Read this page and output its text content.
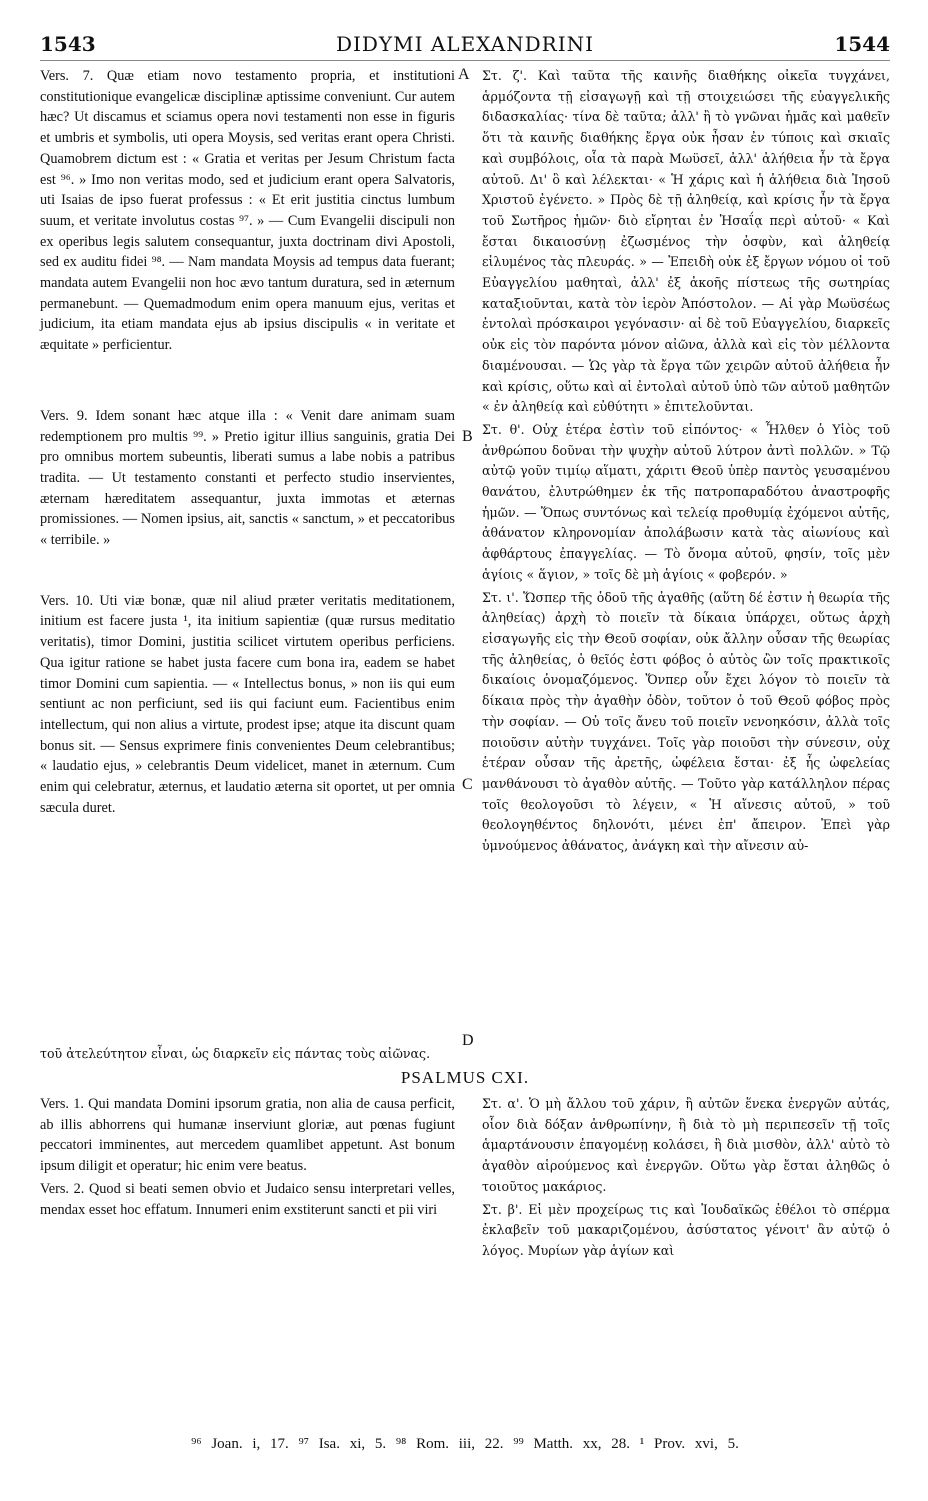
1543	DIDYMI ALEXANDRINI	1544
A
B
C
D

Vers. 7. Quæ etiam novo testamento propria, et institutioni constitutionique evangelicæ disciplinæ aptissime conveniunt. Cur autem hæc? Ut discamus et sciamus opera novi testamenti non esse in figuris et umbris et symbolis, uti opera Moysis, sed veritas erant opera Christi. Quamobrem dictum est : « Gratia et veritas per Jesum Christum facta est ⁹⁶. » Imo non veritas modo, sed et judicium erant opera Salvatoris, uti Isaias de ipso fuerat professus : « Et erit justitia cinctus lumbum suum, et veritate involutus costas ⁹⁷. » — Cum Evangelii discipuli non ex operibus legis salutem consequantur, juxta doctrinam divi Apostoli, sed ex auditu fidei ⁹⁸. — Nam mandata Moysis ad tempus data fuerant; mandata autem Evangelii non hoc ævo tantum duratura, sed in æternum permanebunt. — Quemadmodum enim opera manuum ejus, veritas et judicium, ita etiam mandata ejus ab ipsius discipulis « in veritate et æquitate » perficientur.

Vers. 9. Idem sonant hæc atque illa : « Venit dare animam suam redemptionem pro multis ⁹⁹. » Pretio igitur illius sanguinis, gratia Dei pro omnibus mortem subeuntis, liberati sumus a labe nobis a patribus tradita. — Ut testamento constanti et perfecto studio inservientes, æternam hæreditatem assequantur, juxta immotas et æternas promissiones. — Nomen ipsius, ait, sanctis « sanctum, » et peccatoribus « terribile. »

Vers. 10. Uti viæ bonæ, quæ nil aliud præter veritatis meditationem, initium est facere justa ¹, ita initium sapientiæ (quæ rursus meditatio veritatis), timor Domini, justitia scilicet virtutem operibus perficiens. Qua igitur ratione se habet justa facere cum bona ira, eadem se habet timor Domini cum sapientia. — « Intellectus bonus, » non iis qui eum sentiunt ac non perficiunt, sed iis qui faciunt eum. Facientibus enim intellectum, qui non alius a virtute, prodest ipse; atque ita discunt quam bonus sit. — Sensus exprimere finis convenientes Deum celebrantibus; « laudatio ejus, » celebrantis Deum videlicet, manet in æternum. Cum enim qui celebratur, æternus, et laudatio æterna sit oportet, ut per omnia sæcula duret.

Στ. ζ'. Καὶ ταῦτα τῆς καινῆς διαθήκης οἰκεῖα τυγχάνει, ἁρμόζοντα τῇ εἰσαγωγῇ καὶ τῇ στοιχειώσει τῆς εὐαγγελικῆς διδασκαλίας· τίνα δὲ ταῦτα; ἀλλ' ἢ τὸ γνῶναι ἡμᾶς καὶ μαθεῖν ὅτι τὰ καινῆς διαθήκης ἔργα οὐκ ἦσαν ἐν τύποις καὶ σκιαῖς καὶ συμβόλοις, οἷα τὰ παρὰ Μωϋσεῖ, ἀλλ' ἀλήθεια ἦν τὰ ἔργα αὐτοῦ. Δι' ὃ καὶ λέλεκται· « Ἡ χάρις καὶ ἡ ἀλήθεια διὰ Ἰησοῦ Χριστοῦ ἐγένετο. » Πρὸς δὲ τῇ ἀληθείᾳ, καὶ κρίσις ἦν τὰ ἔργα τοῦ Σωτῆρος ἡμῶν· διὸ εἴρηται ἐν Ἡσαΐᾳ περὶ αὐτοῦ· « Καὶ ἔσται δικαιοσύνῃ ἐζωσμένος τὴν ὀσφὺν, καὶ ἀληθείᾳ εἰλυμένος τὰς πλευράς. » — Ἐπειδὴ οὐκ ἐξ ἔργων νόμου οἱ τοῦ Εὐαγγελίου μαθηταὶ, ἀλλ' ἐξ ἀκοῆς πίστεως τῆς σωτηρίας καταξιοῦνται, κατὰ τὸν ἱερὸν Ἀπόστολον. — Αἱ γὰρ Μωϋσέως ἐντολαὶ πρόσκαιροι γεγόνασιν· αἱ δὲ τοῦ Εὐαγγελίου, διαρκεῖς οὐκ εἰς τὸν παρόντα μόνον αἰῶνα, ἀλλὰ καὶ εἰς τὸν μέλλοντα διαμένουσαι. — Ὡς γὰρ τὰ ἔργα τῶν χειρῶν αὐτοῦ ἀλήθεια ἦν καὶ κρίσις, οὕτω καὶ αἱ ἐντολαὶ αὐτοῦ ὑπὸ τῶν αὐτοῦ μαθητῶν « ἐν ἀληθείᾳ καὶ εὐθύτητι » ἐπιτελοῦνται.

Στ. θ'. Οὐχ ἑτέρα ἐστὶν τοῦ εἰπόντος· « Ἦλθεν ὁ Υἱὸς τοῦ ἀνθρώπου δοῦναι τὴν ψυχὴν αὐτοῦ λύτρον ἀντὶ πολλῶν. » Τῷ αὐτῷ γοῦν τιμίῳ αἵματι, χάριτι Θεοῦ ὑπὲρ παντὸς γευσαμένου θανάτου, ἐλυτρώθημεν ἐκ τῆς πατροπαραδότου ἀναστροφῆς ἡμῶν. — Ὅπως συντόνως καὶ τελείᾳ προθυμίᾳ ἐχόμενοι αὐτῆς, ἀθάνατον κληρονομίαν ἀπολάβωσιν κατὰ τὰς αἰωνίους καὶ ἀφθάρτους ἐπαγγελίας. — Τὸ ὄνομα αὐτοῦ, φησίν, τοῖς μὲν ἁγίοις « ἅγιον, » τοῖς δὲ μὴ ἁγίοις « φοβερόν. »

Στ. ι'. Ὥσπερ τῆς ὁδοῦ τῆς ἀγαθῆς (αὕτη δέ ἐστιν ἡ θεωρία τῆς ἀληθείας) ἀρχὴ τὸ ποιεῖν τὰ δίκαια ὑπάρχει, οὕτως ἀρχὴ εἰσαγωγῆς εἰς τὴν Θεοῦ σοφίαν, οὐκ ἄλλην οὖσαν τῆς θεωρίας τῆς ἀληθείας, ὁ θεῖός ἐστι φόβος ὁ αὐτὸς ὢν τοῖς πρακτικοῖς δικαίοις ὀνομαζόμενος. Ὅνπερ οὖν ἔχει λόγον τὸ ποιεῖν τὰ δίκαια πρὸς τὴν ἀγαθὴν ὁδὸν, τοῦτον ὁ τοῦ Θεοῦ φόβος πρὸς τὴν σοφίαν. — Οὐ τοῖς ἄνευ τοῦ ποιεῖν νενοηκόσιν, ἀλλὰ τοῖς ποιοῦσιν αὐτὴν τυγχάνει. Τοῖς γὰρ ποιοῦσι τὴν σύνεσιν, οὐχ ἑτέραν οὖσαν τῆς ἀρετῆς, ὠφέλεια ἔσται· ἐξ ἧς ὠφελείας μανθάνουσι τὸ ἀγαθὸν αὐτῆς. — Τοῦτο γὰρ κατάλληλον πέρας τοῖς θεολογοῦσι τὸ λέγειν, « Ἡ αἴνεσις αὐτοῦ, » τοῦ θεολογηθέντος δηλονότι, μένει ἐπ' ἄπειρον. Ἐπεὶ γὰρ ὑμνούμενος ἀθάνατος, ἀνάγκη καὶ τὴν αἴνεσιν αὐ-

τοῦ ἀτελεύτητον εἶναι, ὡς διαρκεῖν εἰς πάντας τοὺς αἰῶνας.
PSALMUS CXI.

Vers. 1. Qui mandata Domini ipsorum gratia, non alia de causa perficit, ab illis abhorrens qui humanæ inserviunt gloriæ, aut pœnas fugiunt peccatori imminentes, aut mercedem quamlibet appetunt. Ast bonum ipsum diligit et operatur; hic enim vere beatus.

Vers. 2. Quod si beati semen obvio et Judaico sensu interpretari velles, mendax esset hoc effatum. Innumeri enim exstiterunt sancti et pii viri

Στ. α'. Ὁ μὴ ἄλλου τοῦ χάριν, ἢ αὐτῶν ἕνεκα ἐνεργῶν αὐτάς, οἷον διὰ δόξαν ἀνθρωπίνην, ἢ διὰ τὸ μὴ περιπεσεῖν τῇ τοῖς ἁμαρτάνουσιν ἐπαγομένῃ κολάσει, ἢ διὰ μισθὸν, ἀλλ' αὐτὸ τὸ ἀγαθὸν αἱρούμενος καὶ ἐνεργῶν. Οὕτω γὰρ ἔσται ἀληθῶς ὁ τοιοῦτος μακάριος.

Στ. β'. Εἰ μὲν προχείρως τις καὶ Ἰουδαϊκῶς ἐθέλοι τὸ σπέρμα ἐκλαβεῖν τοῦ μακαριζομένου, ἀσύστατος γένοιτ' ἂν αὐτῷ ὁ λόγος. Μυρίων γὰρ ἁγίων καὶ

⁹⁶ Joan. i, 17. ⁹⁷ Isa. xi, 5. ⁹⁸ Rom. iii, 22. ⁹⁹ Matth. xx, 28. ¹ Prov. xvi, 5.
